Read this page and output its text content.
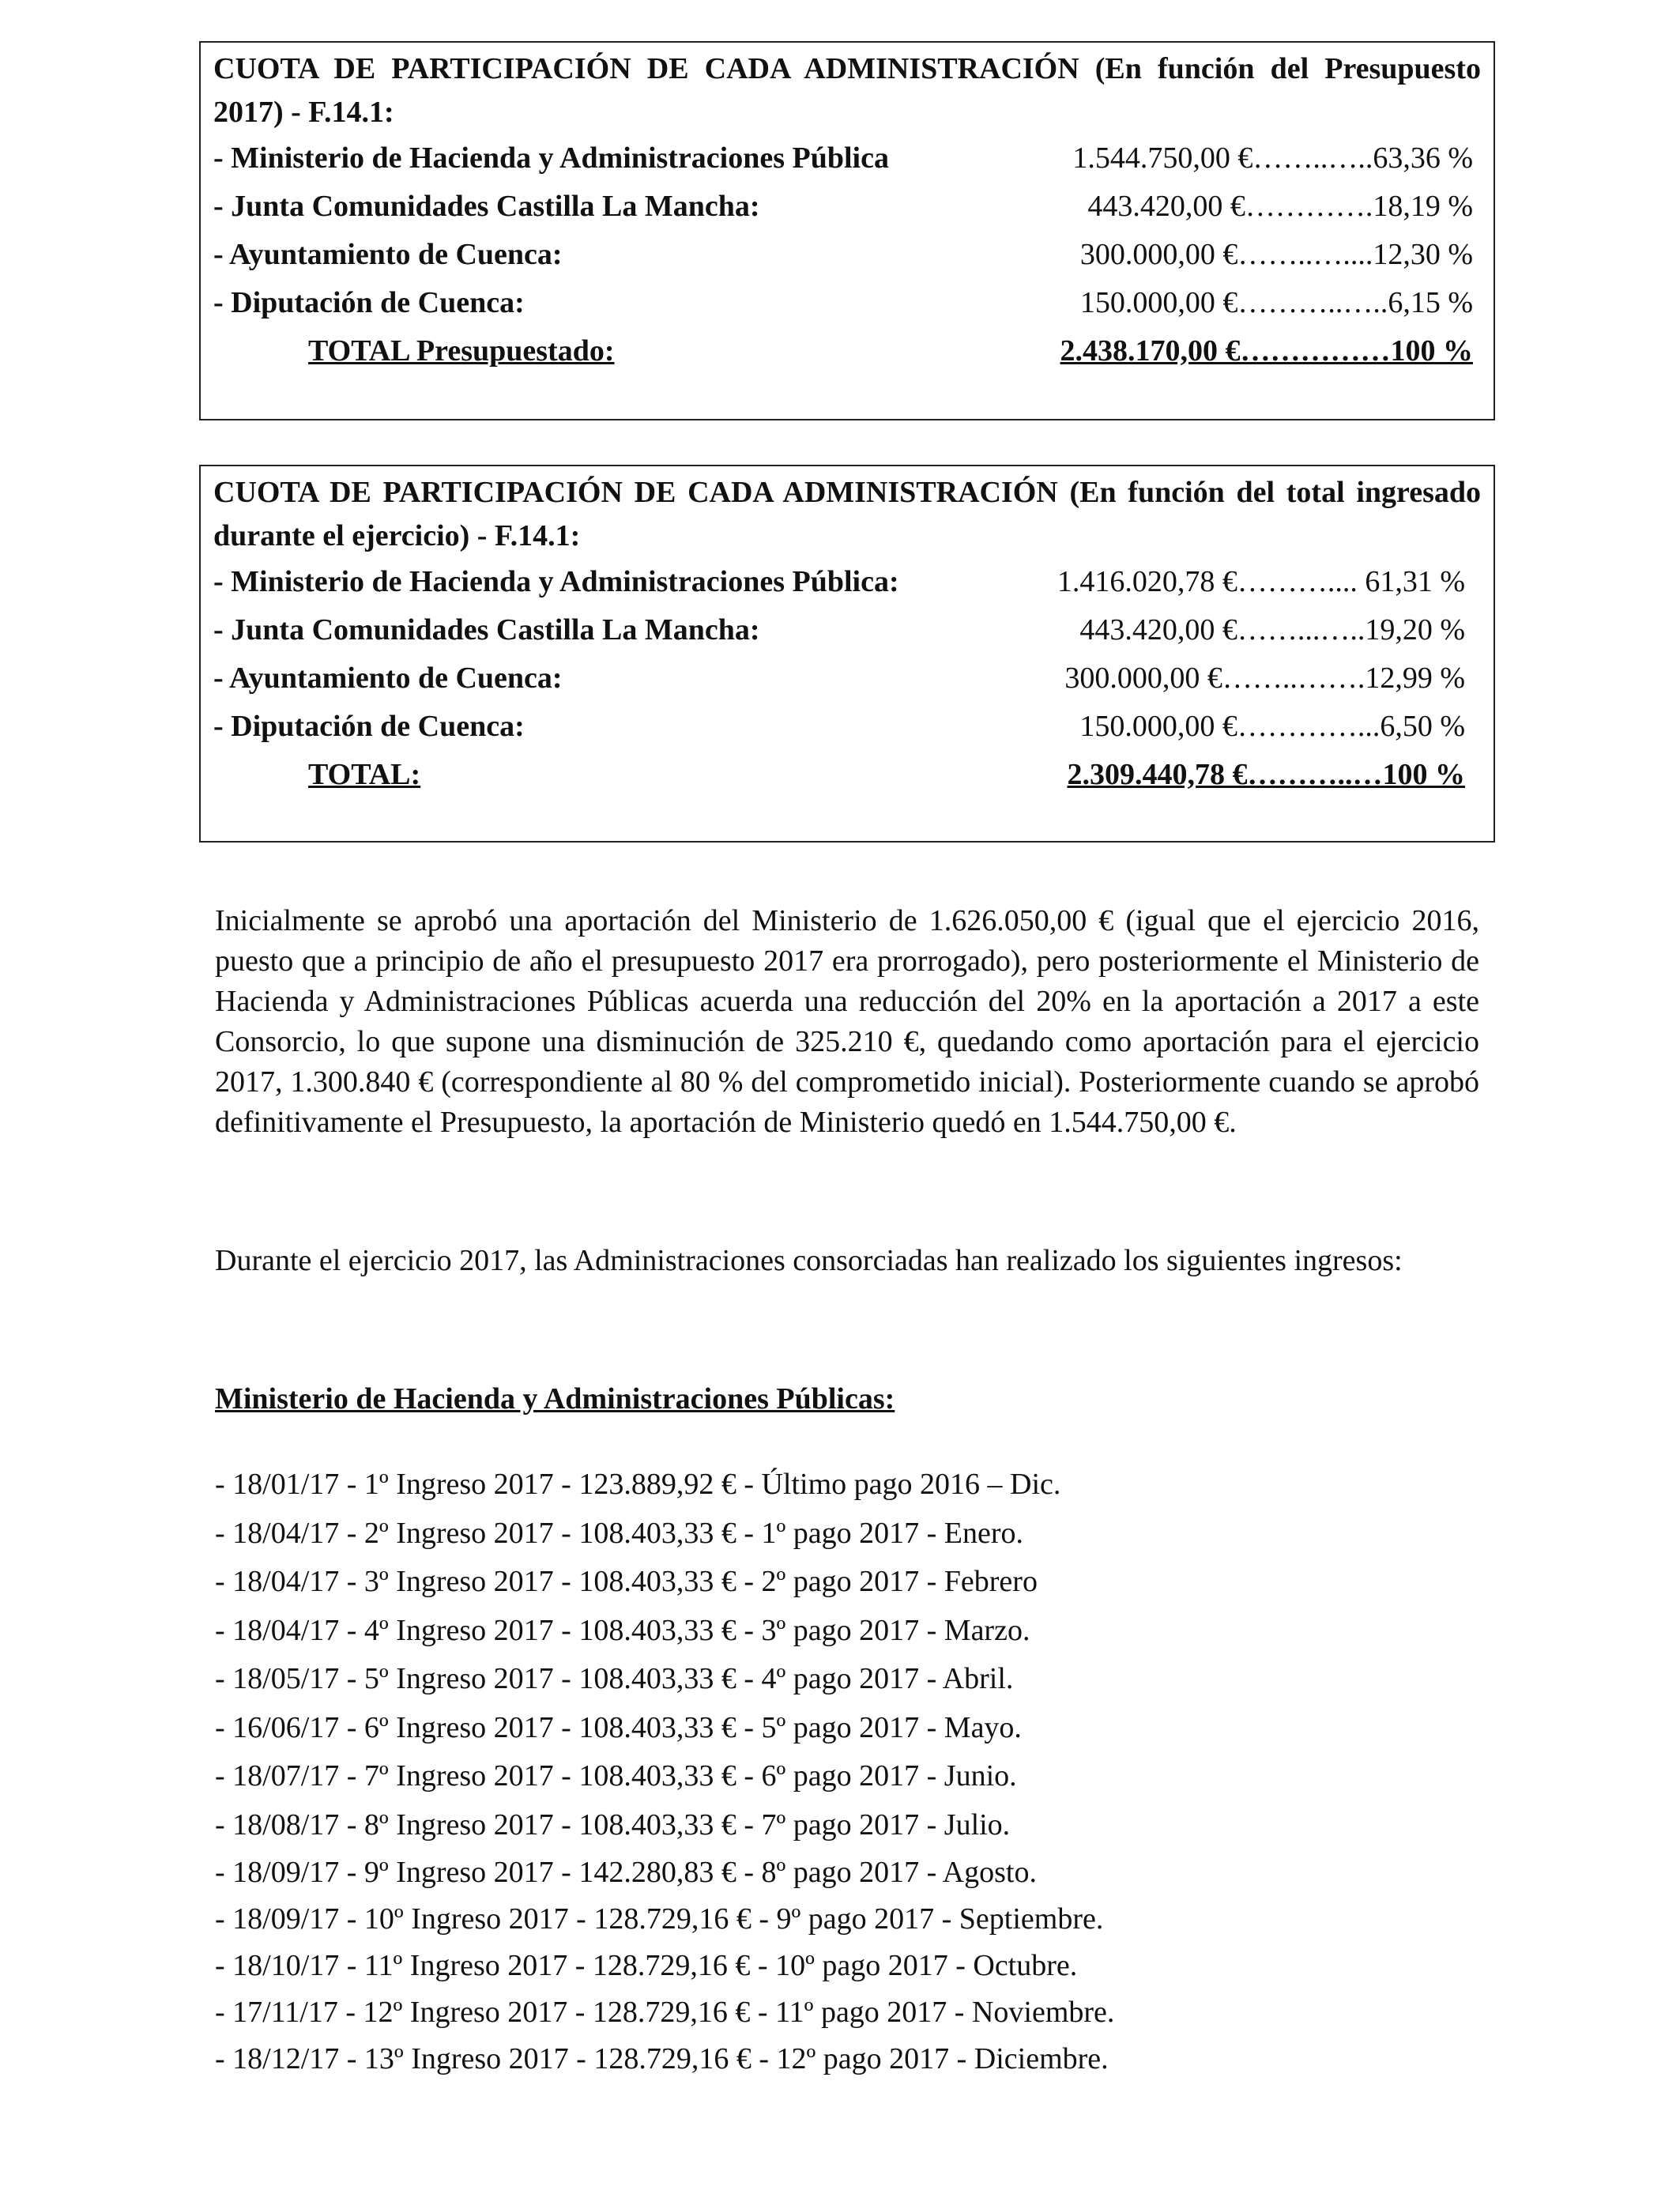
CUOTA DE PARTICIPACIÓN DE CADA ADMINISTRACIÓN (En función del Presupuesto 2017) - F.14.1:
- Ministerio de Hacienda y Administraciones Pública	1.544.750,00 €……..…..63,36 %
- Junta Comunidades Castilla La Mancha:	443.420,00 €………….18,19 %
- Ayuntamiento de Cuenca:	300.000,00 €……..…....12,30 %
- Diputación de Cuenca:	150.000,00 €………..…..6,15 %
TOTAL Presupuestado:	2.438.170,00 €……………100 %
CUOTA DE PARTICIPACIÓN DE CADA ADMINISTRACIÓN (En función del total ingresado durante el ejercicio) - F.14.1:
- Ministerio de Hacienda y Administraciones Pública:	1.416.020,78 €……….... 61,31 %
- Junta Comunidades Castilla La Mancha:	443.420,00 €……...…..19,20 %
- Ayuntamiento de Cuenca:	300.000,00 €……..…….12,99 %
- Diputación de Cuenca:	150.000,00 €…………...6,50 %
TOTAL:	2.309.440,78 €………..…100 %
Inicialmente se aprobó una aportación del Ministerio de 1.626.050,00 € (igual que el ejercicio 2016, puesto que a principio de año el presupuesto 2017 era prorrogado), pero posteriormente el Ministerio de Hacienda y Administraciones Públicas acuerda una reducción del 20% en la aportación a 2017 a este Consorcio, lo que supone una disminución de 325.210 €, quedando como aportación para el ejercicio 2017, 1.300.840 € (correspondiente al 80 % del comprometido inicial). Posteriormente cuando se aprobó definitivamente el Presupuesto, la aportación de Ministerio quedó en 1.544.750,00 €.
Durante el ejercicio 2017, las Administraciones consorciadas han realizado los siguientes ingresos:
Ministerio de Hacienda y Administraciones Públicas:
- 18/01/17 - 1º Ingreso 2017 - 123.889,92 € - Último pago 2016 – Dic.
- 18/04/17 - 2º Ingreso 2017 - 108.403,33 € - 1º pago 2017 - Enero.
- 18/04/17 - 3º Ingreso 2017 - 108.403,33 € - 2º pago 2017 - Febrero
- 18/04/17 - 4º Ingreso 2017 - 108.403,33 € - 3º pago 2017 - Marzo.
- 18/05/17 - 5º Ingreso 2017 - 108.403,33 € - 4º pago 2017 - Abril.
- 16/06/17 - 6º Ingreso 2017 - 108.403,33 € - 5º pago 2017 - Mayo.
- 18/07/17 - 7º Ingreso 2017 - 108.403,33 € - 6º pago 2017 - Junio.
- 18/08/17 - 8º Ingreso 2017 - 108.403,33 € - 7º pago 2017 - Julio.
- 18/09/17 - 9º Ingreso 2017 - 142.280,83 € - 8º pago 2017 - Agosto.
- 18/09/17 - 10º Ingreso 2017 - 128.729,16 € - 9º pago 2017 - Septiembre.
- 18/10/17 - 11º Ingreso 2017 - 128.729,16 € - 10º pago 2017 - Octubre.
- 17/11/17 - 12º Ingreso 2017 - 128.729,16 € - 11º pago 2017 - Noviembre.
- 18/12/17 - 13º Ingreso 2017 - 128.729,16 € - 12º pago 2017 - Diciembre.
